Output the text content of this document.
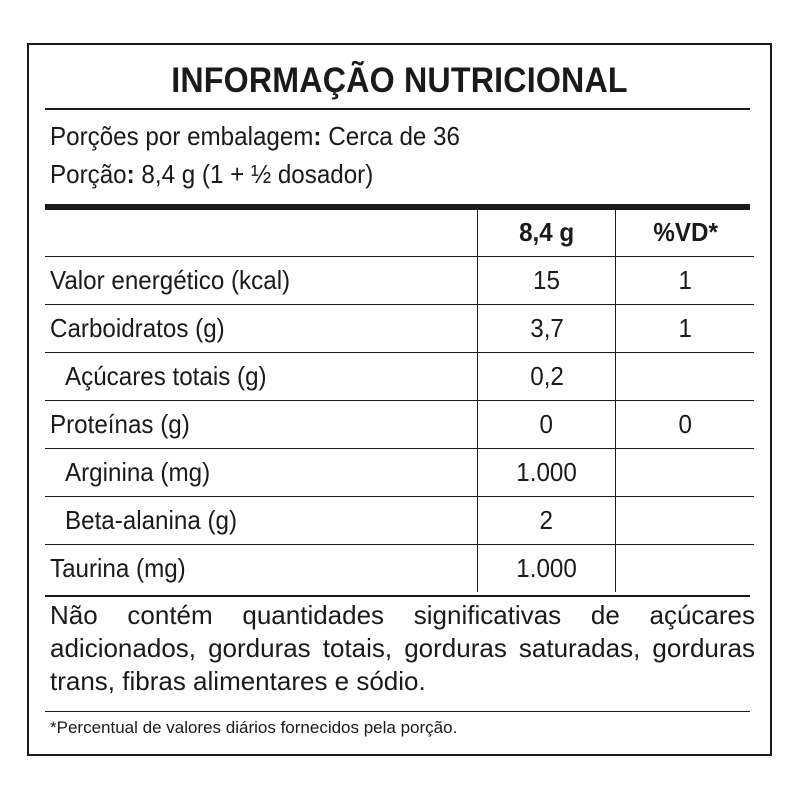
INFORMAÇÃO NUTRICIONAL
Porções por embalagem: Cerca de 36
Porção: 8,4 g (1 + ½ dosador)
	8,4 g	%VD*
Valor energético (kcal)	15	1
Carboidratos (g)	3,7	1
Açúcares totais (g)	0,2	
Proteínas (g)	0	0
Arginina (mg)	1.000	
Beta-alanina (g)	2	
Taurina (mg)	1.000	
Não contém quantidades significativas de açúcares adicionados, gorduras totais, gorduras saturadas, gorduras trans, fibras alimentares e sódio.
*Percentual de valores diários fornecidos pela porção.
